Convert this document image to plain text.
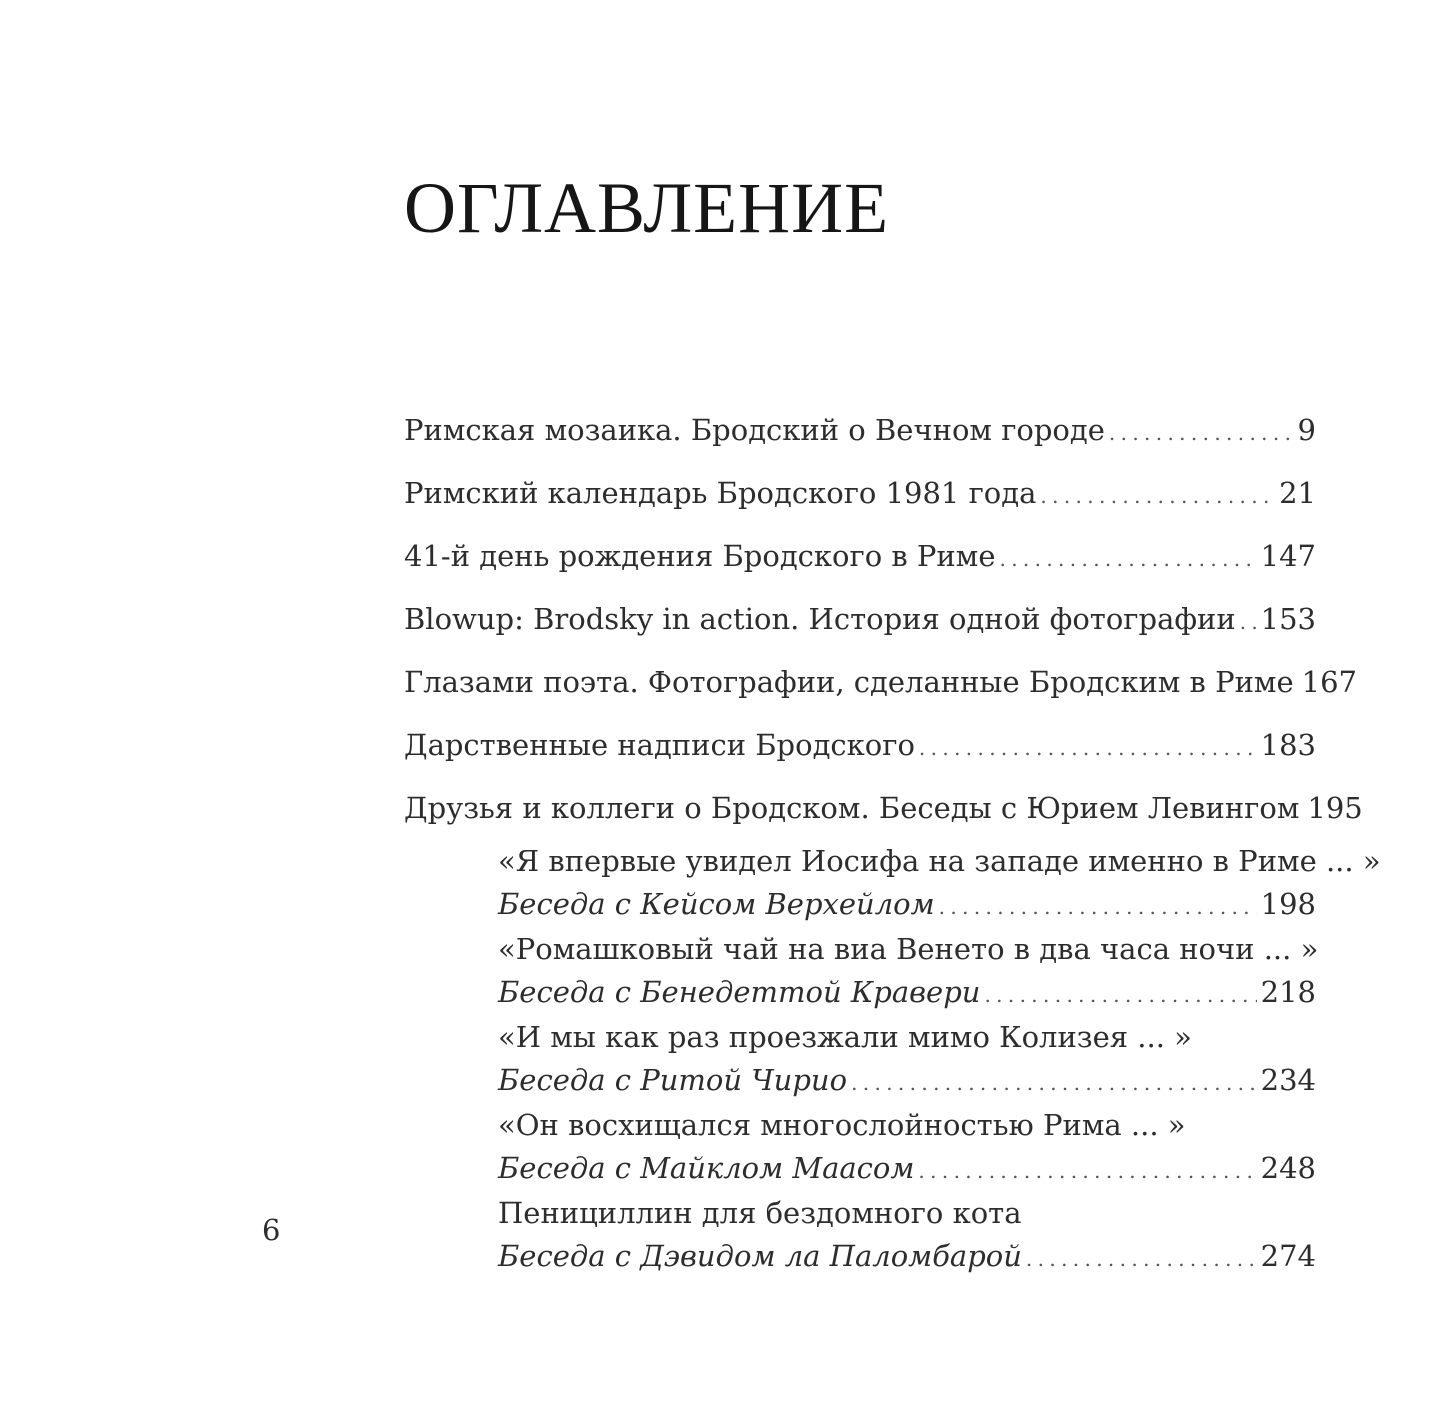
ОГЛАВЛЕНИЕ
Римская мозаика. Бродский о Вечном городе . . .	9
Римский календарь Бродского 1981 года . . .	21
41-й день рождения Бродского в Риме . . .	147
Blowup: Brodsky in action. История одной фотографии . . . 153
Глазами поэта. Фотографии, сделанные Бродским в Риме 167
Дарственные надписи Бродского . . .	183
Друзья и коллеги о Бродском. Беседы с Юрием Левингом 195
«Я впервые увидел Иосифа на западе именно в Риме ... »
Беседа с Кейсом Верхейлом . . .	198
«Ромашковый чай на виа Венето в два часа ночи ... »
Беседа с Бенедеттой Кравери . . .	218
«И мы как раз проезжали мимо Колизея ... »
Беседа с Ритой Чирио . . .	234
«Он восхищался многослойностью Рима ... »
Беседа с Майклом Маасом . . .	248
Пенициллин для бездомного кота
Беседа с Дэвидом ла Паломбарой . . .	274
6
